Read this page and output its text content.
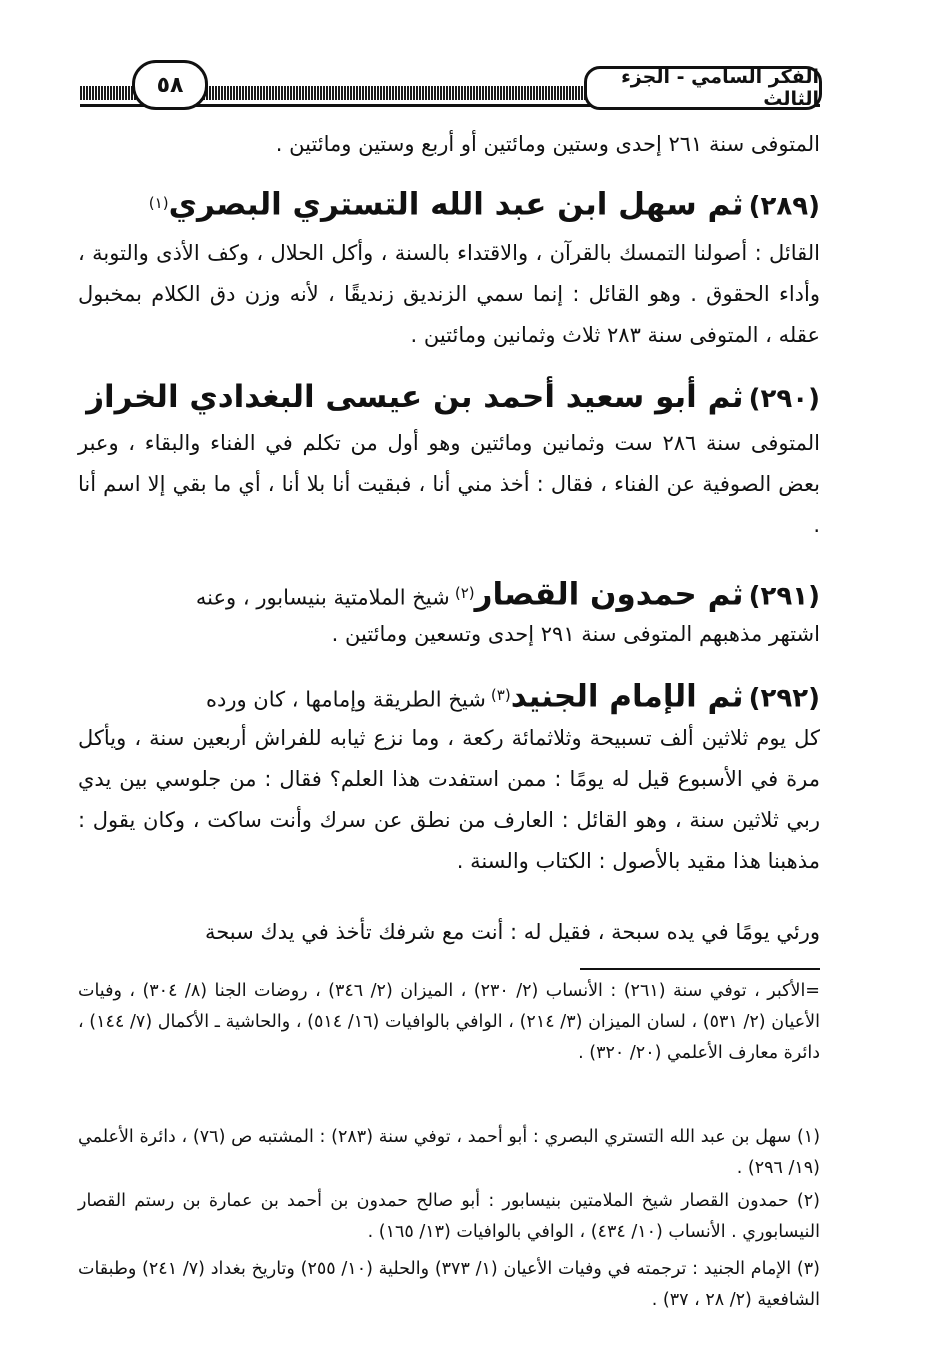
الفكر السامي - الجزء الثالث
٥٨
المتوفى سنة ٢٦١ إحدى وستين ومائتين أو أربع وستين ومائتين .
(٢٨٩) ثم سهل ابن عبد الله التستري البصري(١)
القائل : أصولنا التمسك بالقرآن ، والاقتداء بالسنة ، وأكل الحلال ، وكف الأذى والتوبة ، وأداء الحقوق . وهو القائل : إنما سمي الزنديق زنديقًا ، لأنه وزن دق الكلام بمخبول عقله ، المتوفى سنة ٢٨٣ ثلاث وثمانين ومائتين .
(٢٩٠) ثم أبو سعيد أحمد بن عيسى البغدادي الخراز
المتوفى سنة ٢٨٦ ست وثمانين ومائتين وهو أول من تكلم في الفناء والبقاء ، وعبر بعض الصوفية عن الفناء ، فقال : أخذ مني أنا ، فبقيت أنا بلا أنا ، أي ما بقي إلا اسم أنا .
(٢٩١) ثم حمدون القصار(٢) شيخ الملامتية بنيسابور ، وعنه
اشتهر مذهبهم المتوفى سنة ٢٩١ إحدى وتسعين ومائتين .
(٢٩٢) ثم الإمام الجنيد(٣) شيخ الطريقة وإمامها ، كان ورده
كل يوم ثلاثين ألف تسبيحة وثلاثمائة ركعة ، وما نزع ثيابه للفراش أربعين سنة ، ويأكل مرة في الأسبوع قيل له يومًا : ممن استفدت هذا العلم؟ فقال : من جلوسي بين يدي ربي ثلاثين سنة ، وهو القائل : العارف من نطق عن سرك وأنت ساكت ، وكان يقول : مذهبنا هذا مقيد بالأصول : الكتاب والسنة .
ورئي يومًا في يده سبحة ، فقيل له : أنت مع شرفك تأخذ في يدك سبحة
=الأكبر ، توفي سنة (٢٦١) : الأنساب (٢/ ٢٣٠) ، الميزان (٢/ ٣٤٦) ، روضات الجنا (٨/ ٣٠٤) ، وفيات الأعيان (٢/ ٥٣١) ، لسان الميزان (٣/ ٢١٤) ، الوافي بالوافيات (١٦/ ٥١٤) ، والحاشية ـ الأكمال (٧/ ١٤٤) ، دائرة معارف الأعلمي (٢٠/ ٣٢٠) .
(١) سهل بن عبد الله التستري البصري : أبو أحمد ، توفي سنة (٢٨٣) : المشتبه ص (٧٦) ، دائرة الأعلمي (١٩/ ٢٩٦) .
(٢) حمدون القصار شيخ الملامتين بنيسابور : أبو صالح حمدون بن أحمد بن عمارة بن رستم القصار النيسابوري . الأنساب (١٠/ ٤٣٤) ، الوافي بالوافيات (١٣/ ١٦٥) .
(٣) الإمام الجنيد : ترجمته في وفيات الأعيان (١/ ٣٧٣) والحلية (١٠/ ٢٥٥) وتاريخ بغداد (٧/ ٢٤١) وطبقات الشافعية (٢/ ٢٨ ، ٣٧) .
